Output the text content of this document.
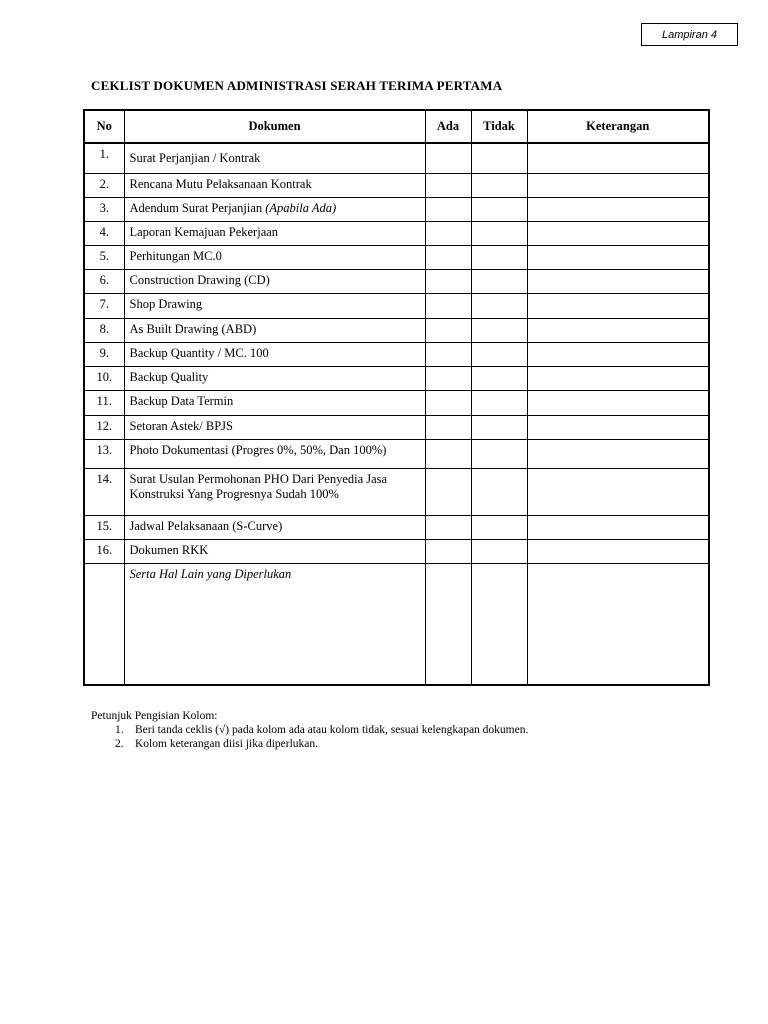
Lampiran 4
CEKLIST DOKUMEN ADMINISTRASI SERAH TERIMA PERTAMA
No	Dokumen	Ada	Tidak	Keterangan
1.	Surat Perjanjian / Kontrak			
2.	Rencana Mutu Pelaksanaan Kontrak			
3.	Adendum Surat Perjanjian (Apabila Ada)			
4.	Laporan Kemajuan Pekerjaan			
5.	Perhitungan MC.0			
6.	Construction Drawing (CD)			
7.	Shop Drawing			
8.	As Built Drawing (ABD)			
9.	Backup Quantity / MC. 100			
10.	Backup Quality			
11.	Backup Data Termin			
12.	Setoran Astek/ BPJS			
13.	Photo Dokumentasi (Progres 0%, 50%, Dan 100%)			
14.	Surat Usulan Permohonan PHO Dari Penyedia Jasa Konstruksi Yang Progresnya Sudah 100%			
15.	Jadwal Pelaksanaan (S-Curve)			
16.	Dokumen RKK			
	Serta Hal Lain yang Diperlukan			
Petunjuk Pengisian Kolom:
1. Beri tanda ceklis (√) pada kolom ada atau kolom tidak, sesuai kelengkapan dokumen.
2. Kolom keterangan diisi jika diperlukan.
